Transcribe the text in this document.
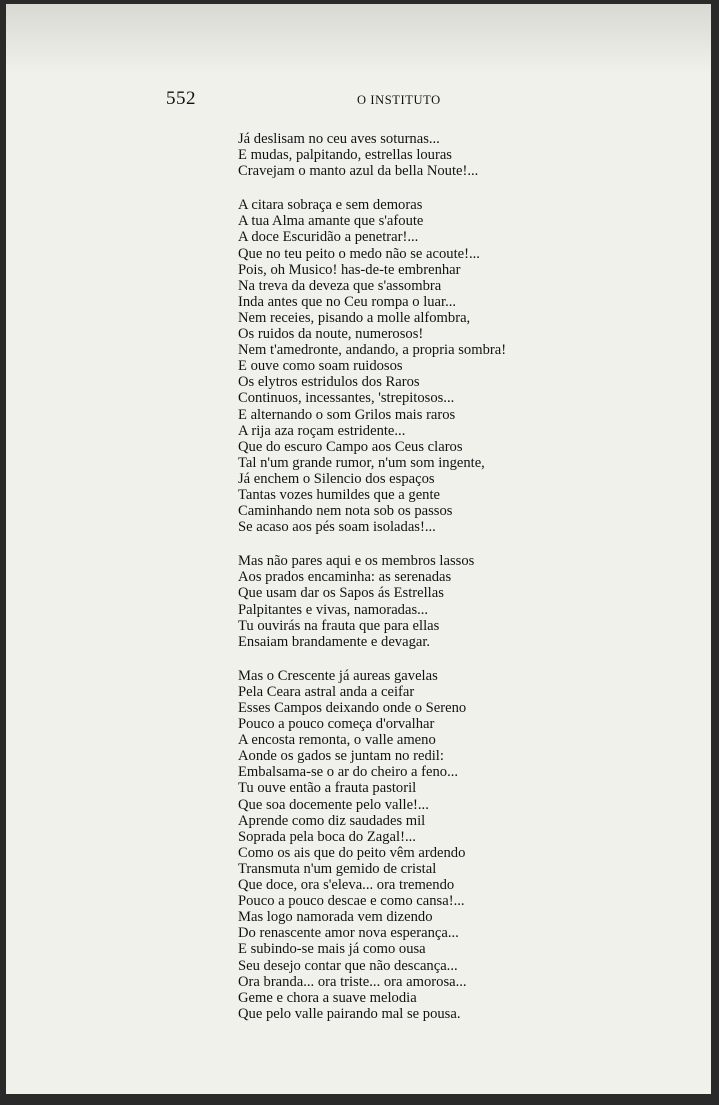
552	O INSTITUTO
Já deslisam no ceu aves soturnas...
E mudas, palpitando, estrellas louras
Cravejam o manto azul da bella Noute!...
A citara sobraça e sem demoras
A tua Alma amante que s'afoute
A doce Escuridão a penetrar!...
Que no teu peito o medo não se acoute!...
Pois, oh Musico! has-de-te embrenhar
Na treva da deveza que s'assombra
Inda antes que no Ceu rompa o luar...
Nem receies, pisando a molle alfombra,
Os ruidos da noute, numerosos!
Nem t'amedronte, andando, a propria sombra!
E ouve como soam ruidosos
Os elytros estridulos dos Raros
Continuos, incessantes, 'strepitosos...
E alternando o som Grilos mais raros
A rija aza roçam estridente...
Que do escuro Campo aos Ceus claros
Tal n'um grande rumor, n'um som ingente,
Já enchem o Silencio dos espaços
Tantas vozes humildes que a gente
Caminhando nem nota sob os passos
Se acaso aos pés soam isoladas!...
Mas não pares aqui e os membros lassos
Aos prados encaminha: as serenadas
Que usam dar os Sapos ás Estrellas
Palpitantes e vivas, namoradas...
Tu ouvirás na frauta que para ellas
Ensaiam brandamente e devagar.
Mas o Crescente já aureas gavelas
Pela Ceara astral anda a ceifar
Esses Campos deixando onde o Sereno
Pouco a pouco começa d'orvalhar
A encosta remonta, o valle ameno
Aonde os gados se juntam no redil:
Embalsama-se o ar do cheiro a feno...
Tu ouve então a frauta pastoril
Que soa docemente pelo valle!...
Aprende como diz saudades mil
Soprada pela boca do Zagal!...
Como os ais que do peito vêm ardendo
Transmuta n'um gemido de cristal
Que doce, ora s'eleva... ora tremendo
Pouco a pouco descae e como cansa!...
Mas logo namorada vem dizendo
Do renascente amor nova esperança...
E subindo-se mais já como ousa
Seu desejo contar que não descança...
Ora branda... ora triste... ora amorosa...
Geme e chora a suave melodia
Que pelo valle pairando mal se pousa.
